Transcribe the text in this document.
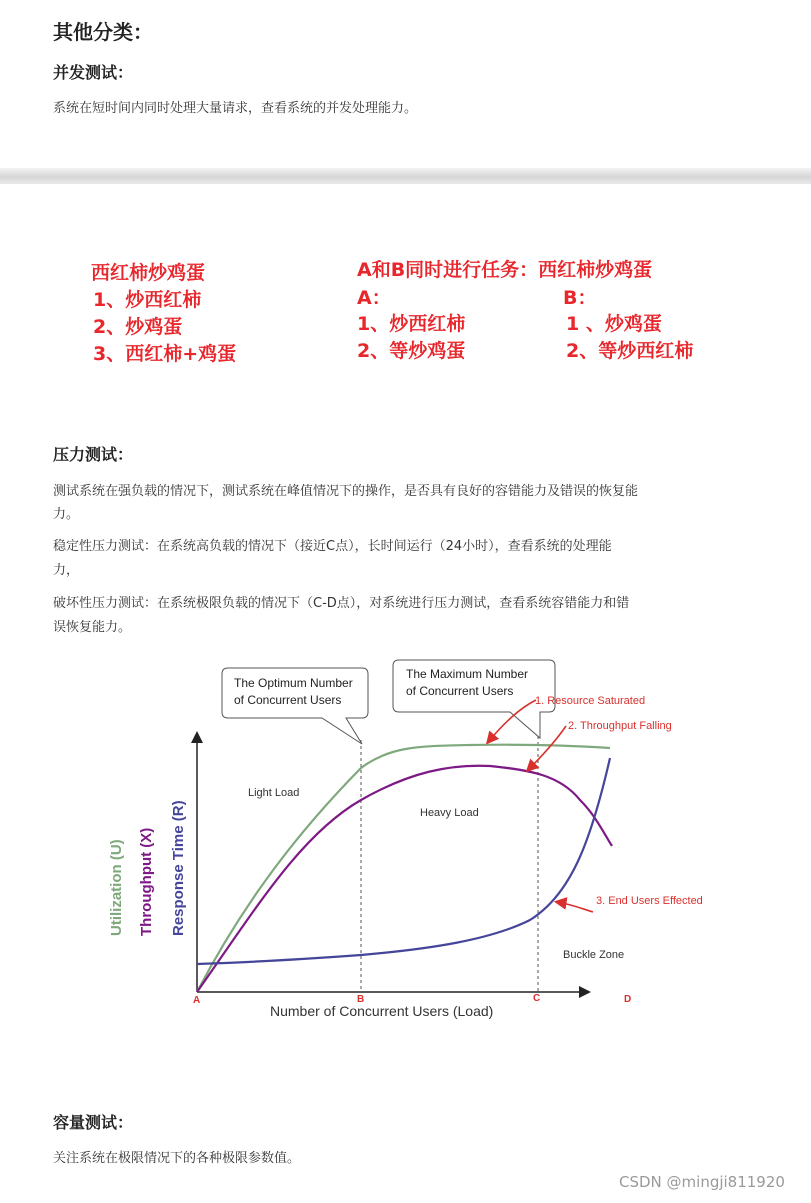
其他分类：
并发测试：
系统在短时间内同时处理大量请求，查看系统的并发处理能力。
西红柿炒鸡蛋
1、炒西红柿
2、炒鸡蛋
3、西红柿+鸡蛋
A和B同时进行任务：西红柿炒鸡蛋
A：
1、炒西红柿
2、等炒鸡蛋
B：
1 、炒鸡蛋
2、等炒西红柿
压力测试：
测试系统在强负载的情况下，测试系统在峰值情况下的操作，是否具有良好的容错能力及错误的恢复能
力。
稳定性压力测试：在系统高负载的情况下（接近C点），长时间运行（24小时），查看系统的处理能
力，
破坏性压力测试：在系统极限负载的情况下（C-D点），对系统进行压力测试，查看系统容错能力和错
误恢复能力。
The Optimum Number
of Concurrent Users
The Maximum Number
of Concurrent Users
1. Resource Saturated
2. Throughput Falling
3. End Users Effected
Light Load
Heavy Load
Buckle Zone
Utilization (U) Throughput (X) Response Time (R)
A	B	C	D
Number of Concurrent Users (Load)
容量测试：
关注系统在极限情况下的各种极限参数值。
CSDN @mingji811920
